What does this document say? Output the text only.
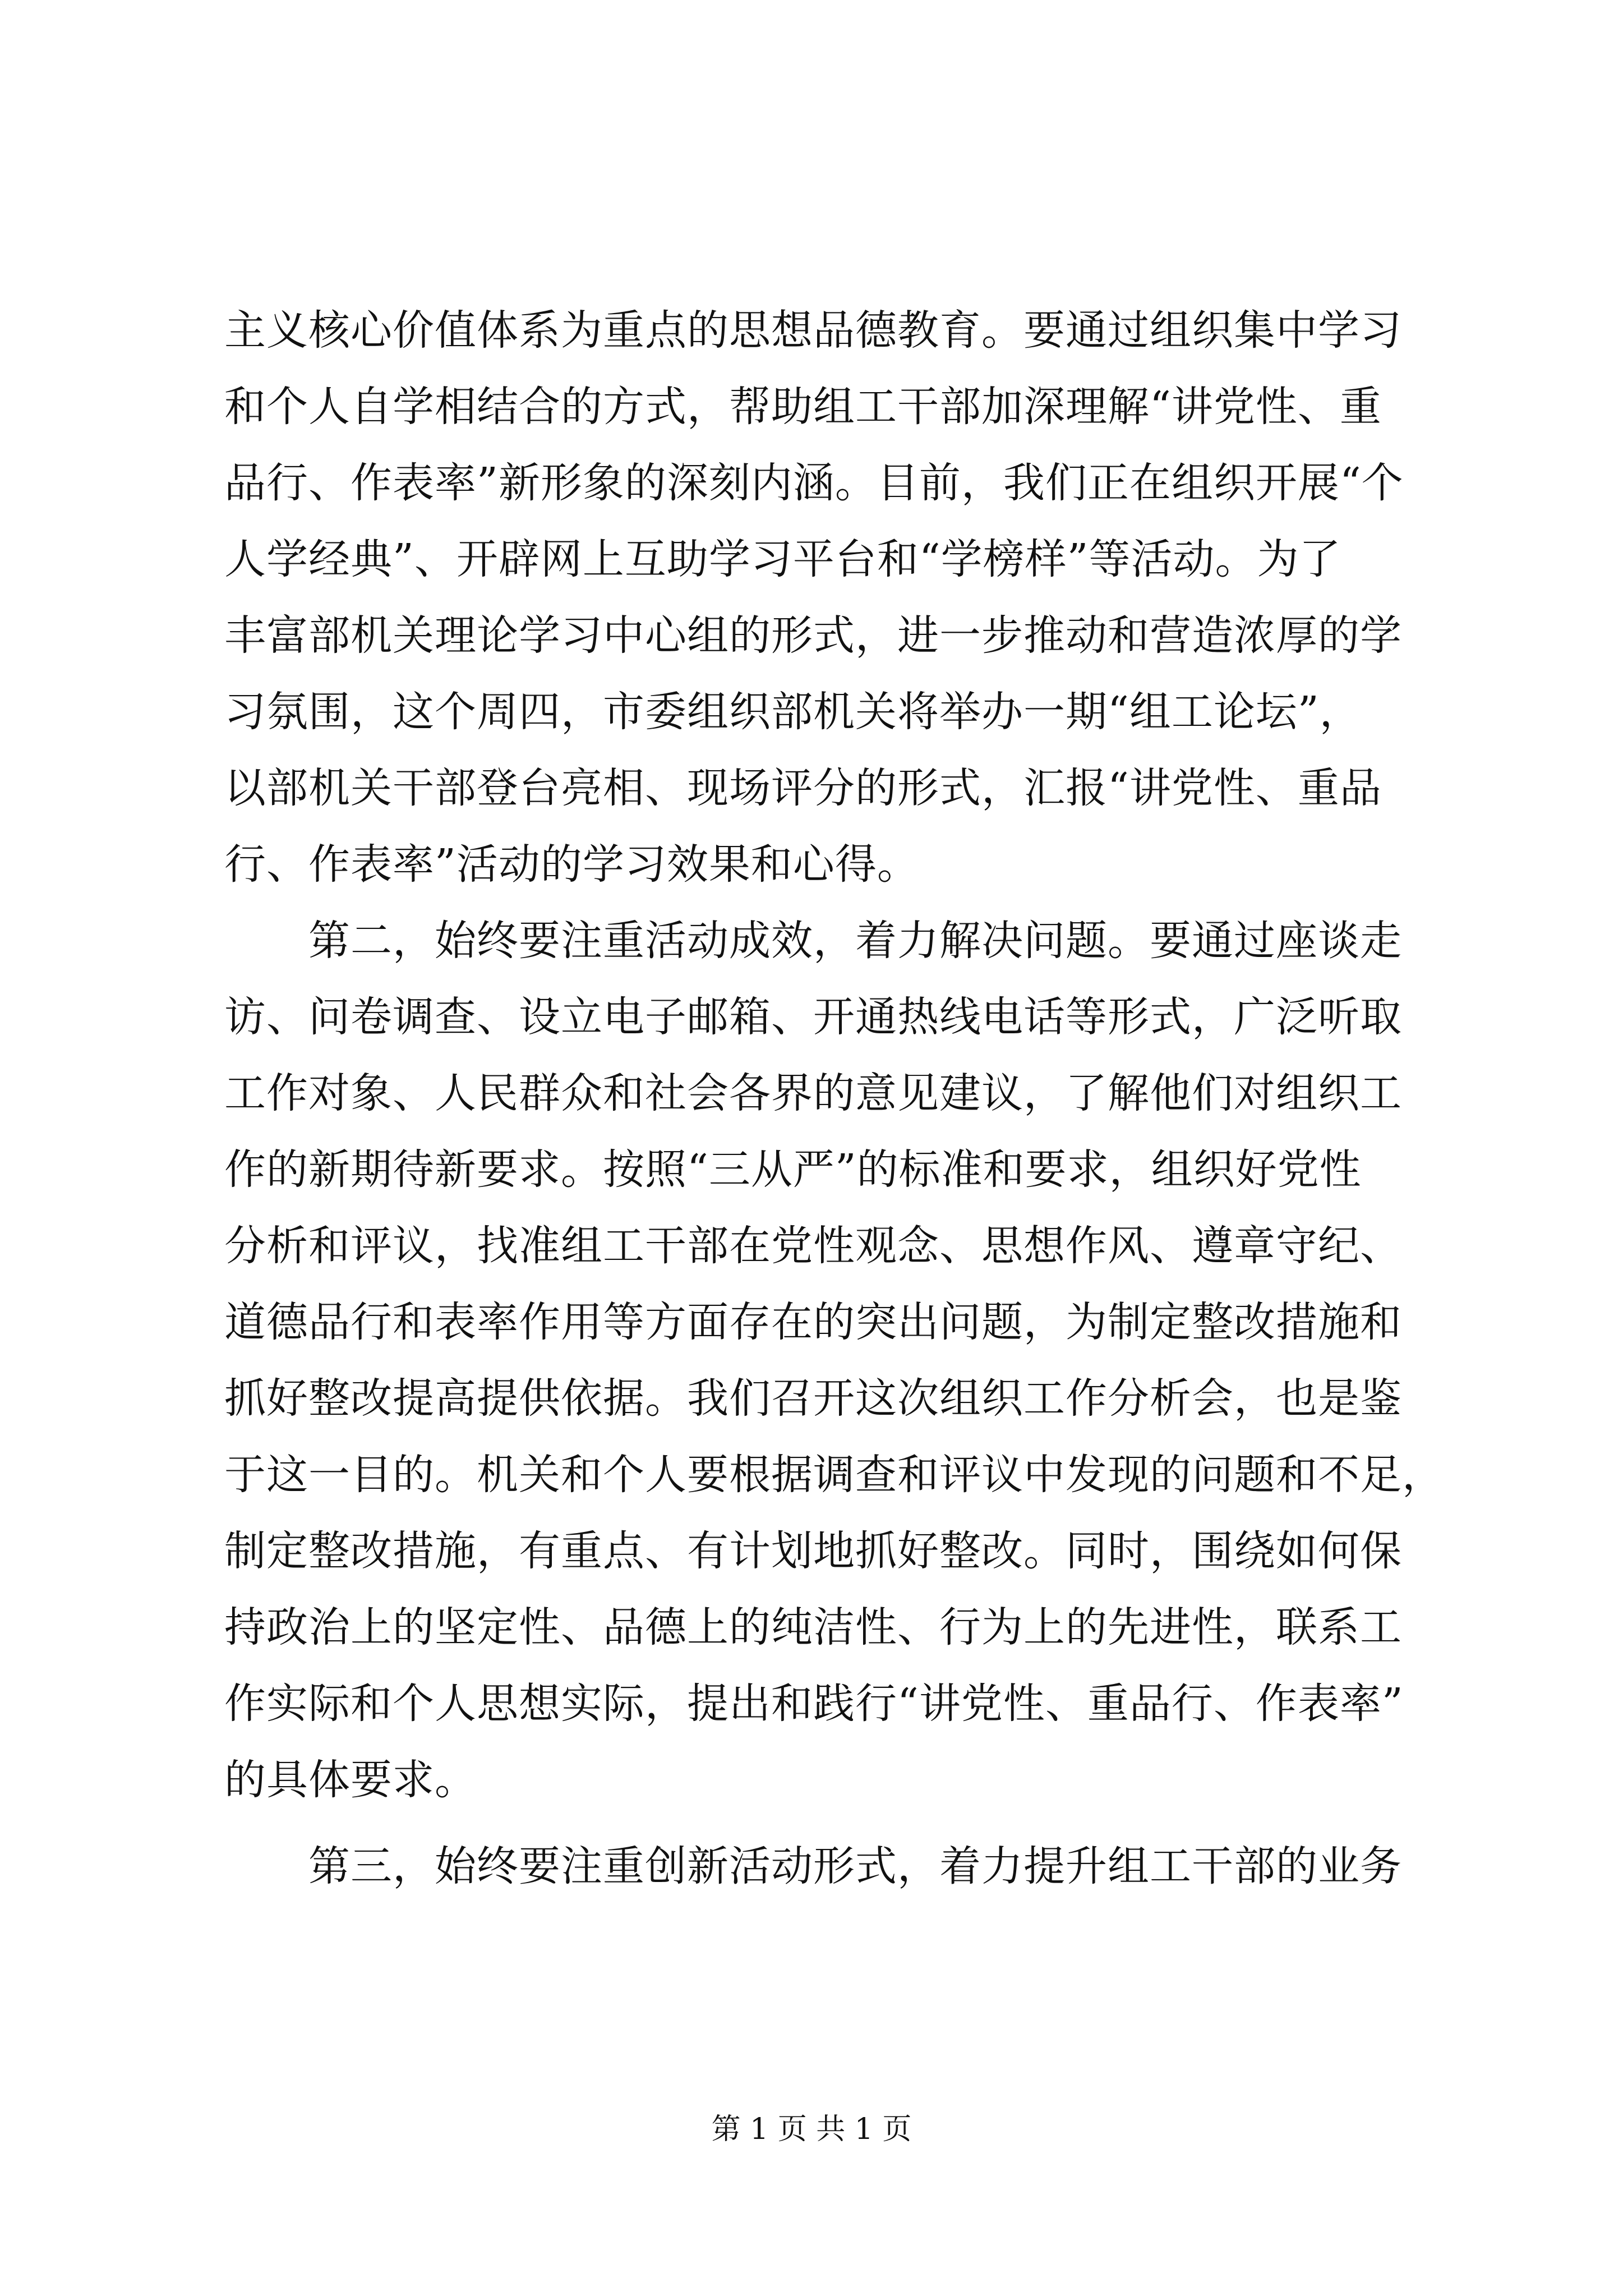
主义核心价值体系为重点的思想品德教育。要通过组织集中学习
和个人自学相结合的方式，帮助组工干部加深理解“讲党性、重
品行、作表率”新形象的深刻内涵。目前，我们正在组织开展“个
人学经典”、开辟网上互助学习平台和“学榜样”等活动。为了
丰富部机关理论学习中心组的形式，进一步推动和营造浓厚的学
习氛围，这个周四，市委组织部机关将举办一期“组工论坛”，
以部机关干部登台亮相、现场评分的形式，汇报“讲党性、重品
行、作表率”活动的学习效果和心得。
　　第二，始终要注重活动成效，着力解决问题。要通过座谈走
访、问卷调查、设立电子邮箱、开通热线电话等形式，广泛听取
工作对象、人民群众和社会各界的意见建议，了解他们对组织工
作的新期待新要求。按照“三从严”的标准和要求，组织好党性
分析和评议，找准组工干部在党性观念、思想作风、遵章守纪、
道德品行和表率作用等方面存在的突出问题，为制定整改措施和
抓好整改提高提供依据。我们召开这次组织工作分析会，也是鉴
于这一目的。机关和个人要根据调查和评议中发现的问题和不足，
制定整改措施，有重点、有计划地抓好整改。同时，围绕如何保
持政治上的坚定性、品德上的纯洁性、行为上的先进性，联系工
作实际和个人思想实际，提出和践行“讲党性、重品行、作表率”
的具体要求。
　　第三，始终要注重创新活动形式，着力提升组工干部的业务
第 1 页 共 1 页
